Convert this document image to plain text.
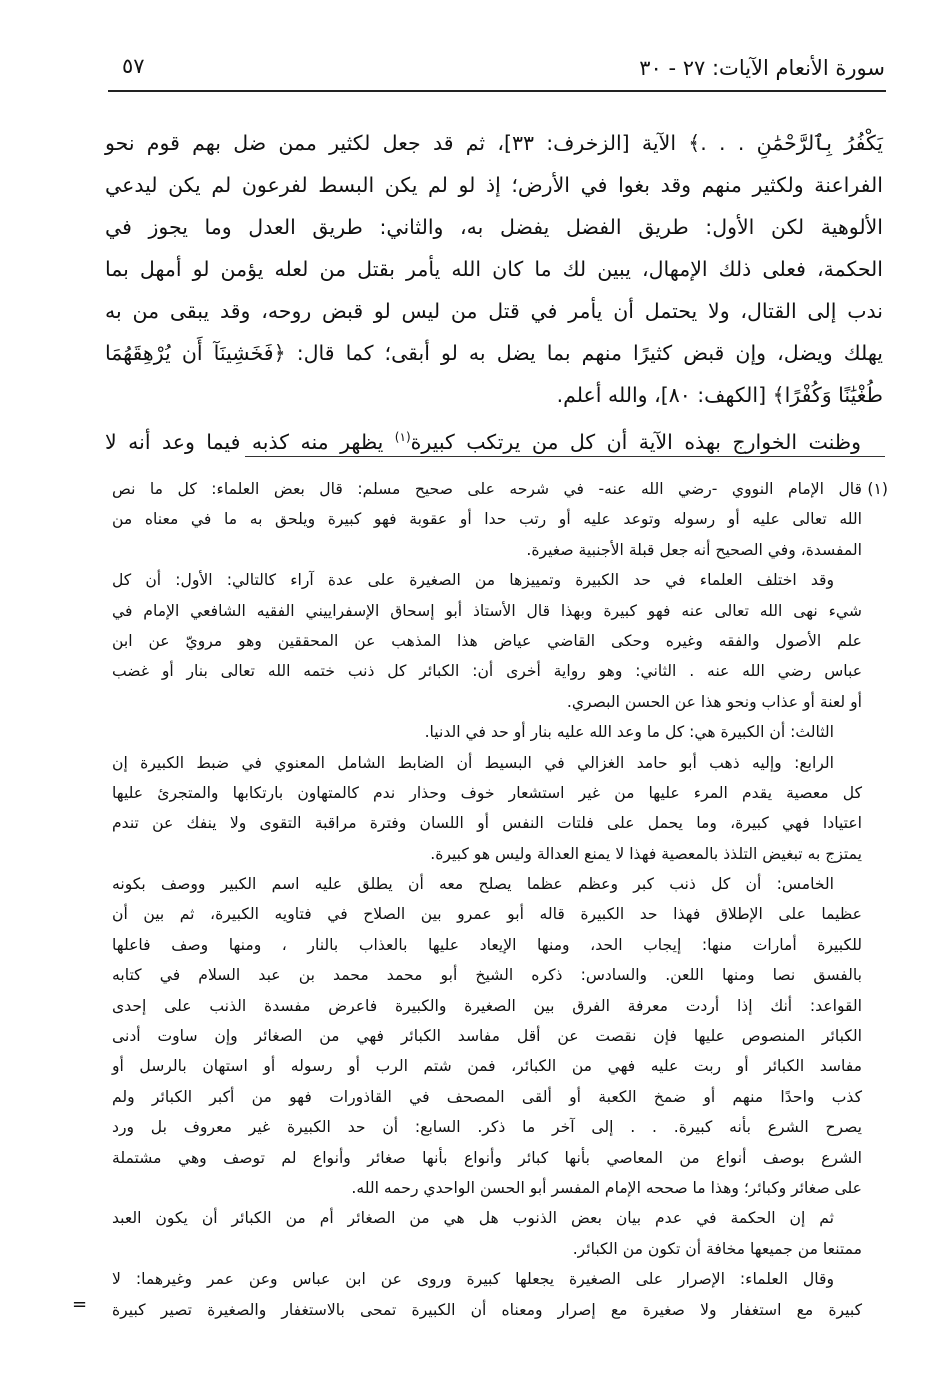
سورة الأنعام الآيات: ٢٧ - ٣٠
٥٧
يَكْفُرُ بِٱلرَّحْمَٰنِ . . .﴾ الآية [الزخرف: ٣٣]، ثم قد جعل لكثير ممن ضل بهم قوم نحو
الفراعنة ولكثير منهم وقد بغوا في الأرض؛ إذ لو لم يكن البسط لفرعون لم يكن ليدعي
الألوهية لكن الأول: طريق الفضل يفضل به، والثاني: طريق العدل وما يجوز في
الحكمة، فعلى ذلك الإمهال، يبين لك ما كان الله يأمر بقتل من لعله يؤمن لو أمهل بما
ندب إلى القتال، ولا يحتمل أن يأمر في قتل من ليس لو قبض روحه، وقد يبقى من به
يهلك ويضل، وإن قبض كثيرًا منهم بما يضل به لو أبقى؛ كما قال: ﴿فَخَشِينَآ أَن يُرْهِقَهُمَا
طُغْيَٰنًا وَكُفْرًا﴾ [الكهف: ٨٠]، والله أعلم.
وظنت الخوارج بهذه الآية أن كل من يرتكب كبيرة$^{(١)}$ يظهر منه كذبه فيما وعد أنه لا
(١)
قال الإمام النووي -رضي الله عنه- في شرحه على صحيح مسلم: قال بعض العلماء: كل ما نص
الله تعالى عليه أو رسوله وتوعد عليه أو رتب حدا أو عقوبة فهو كبيرة ويلحق به ما في معناه من
المفسدة، وفي الصحيح أنه جعل قبلة الأجنبية صغيرة.
وقد اختلف العلماء في حد الكبيرة وتمييزها من الصغيرة على عدة آراء كالتالي: الأول: أن كل
شيء نهى الله تعالى عنه فهو كبيرة وبهذا قال الأستاذ أبو إسحاق الإسفراييني الفقيه الشافعي الإمام في
علم الأصول والفقه وغيره وحكى القاضي عياض هذا المذهب عن المحققين وهو مرويّ عن ابن
عباس رضي الله عنه . الثاني: وهو رواية أخرى أن: الكبائر كل ذنب ختمه الله تعالى بنار أو غضب
أو لعنة أو عذاب ونحو هذا عن الحسن البصري.
الثالث: أن الكبيرة هي: كل ما وعد الله عليه بنار أو حد في الدنيا.
الرابع: وإليه ذهب أبو حامد الغزالي في البسيط أن الضابط الشامل المعنوي في ضبط الكبيرة إن
كل معصية يقدم المرء عليها من غير استشعار خوف وحذار ندم كالمتهاون بارتكابها والمتجرئ عليها
اعتيادا فهي كبيرة، وما يحمل على فلتات النفس أو اللسان وفترة مراقبة التقوى ولا ينفك عن تندم
يمتزج به تبغيض التلذذ بالمعصية فهذا لا يمنع العدالة وليس هو كبيرة.
الخامس: أن كل ذنب كبر وعظم عظما يصلح معه أن يطلق عليه اسم الكبير ووصف بكونه
عظيما على الإطلاق فهذا حد الكبيرة قاله أبو عمرو بين الصلاح في فتاويه الكبيرة، ثم بين أن
للكبيرة أمارات منها: إيجاب الحد، ومنها الإيعاد عليها بالعذاب بالنار ، ومنها وصف فاعلها
بالفسق نصا ومنها اللعن. والسادس: ذكره الشيخ أبو محمد محمد بن عبد السلام في كتابه
القواعد: أنك إذا أردت معرفة الفرق بين الصغيرة والكبيرة فاعرض مفسدة الذنب على إحدى
الكبائر المنصوص عليها فإن نقصت عن أقل مفاسد الكبائر فهي من الصغائر وإن ساوت أدنى
مفاسد الكبائر أو ربت عليه فهي من الكبائر، فمن شتم الرب أو رسوله أو استهان بالرسل أو
كذب واحدًا منهم أو ضمخ الكعبة أو ألقى المصحف في القاذورات فهو من أكبر الكبائر ولم
يصرح الشرع بأنه كبيرة. . . إلى آخر ما ذكر. السابع: أن حد الكبيرة غير معروف بل ورد
الشرع بوصف أنواع من المعاصي بأنها كبائر وأنواع بأنها صغائر وأنواع لم توصف وهي مشتملة
على صغائر وكبائر؛ وهذا ما صححه الإمام المفسر أبو الحسن الواحدي رحمه الله.
ثم إن الحكمة في عدم بيان بعض الذنوب هل هي من الصغائر أم من الكبائر أن يكون العبد
ممتنعا من جميعها مخافة أن تكون من الكبائر.
وقال العلماء: الإصرار على الصغيرة يجعلها كبيرة وروى عن ابن عباس وعن عمر وغيرهما: لا
كبيرة مع استغفار ولا صغيرة مع إصرار ومعناه أن الكبيرة تمحى بالاستغفار والصغيرة تصير كبيرة
=
